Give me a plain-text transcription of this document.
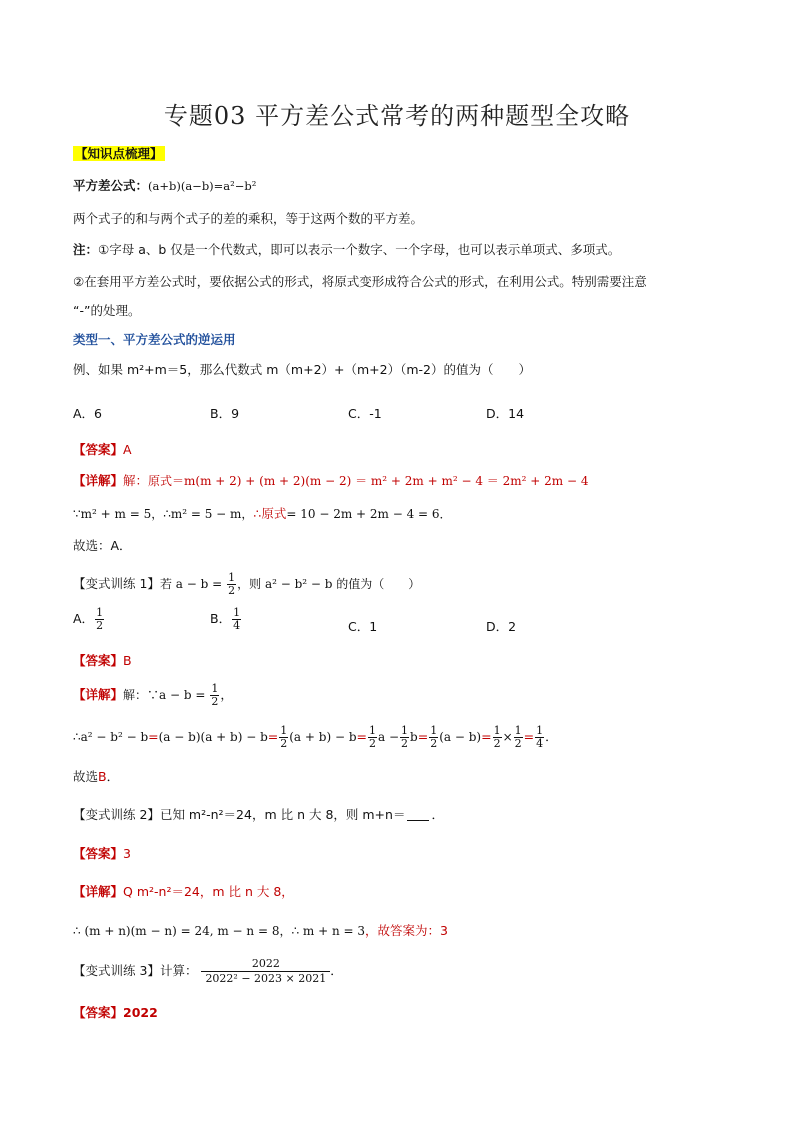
专题03 平方差公式常考的两种题型全攻略
【知识点梳理】
平方差公式：(a+b)(a−b)=a²−b²
两个式子的和与两个式子的差的乘积，等于这两个数的平方差。
注：①字母 a、b 仅是一个代数式，即可以表示一个数字、一个字母，也可以表示单项式、多项式。
②在套用平方差公式时，要依据公式的形式，将原式变形成符合公式的形式，在利用公式。特别需要注意
“-”的处理。
类型一、平方差公式的逆运用
例、如果 m²+m＝5，那么代数式 m（m+2）+（m+2）（m-2）的值为（　　）
A．6	B．9	C．-1	D．14
【答案】A
【详解】解：原式＝m(m + 2) + (m + 2)(m − 2) ＝ m² + 2m + m² − 4 ＝ 2m² + 2m − 4
∵m² + m = 5，∴m² = 5 − m，∴原式= 10 − 2m + 2m − 4 = 6．
故选：A．
【变式训练 1】若 $a - b = \frac{1}{2}$ ，则 a² − b² − b 的值为（　　）
A． $\frac{1}{2}$	B． $\frac{1}{4}$	C．1	D．2
【答案】B
【详解】解：∵a − $b = \frac{1}{2}$ ，
∴a² − $b^2 - b=(a - b)(a + b) - b= \frac{1}{2} (a + b) - b= \frac{1}{2}$ $a - \frac{1}{2} b= \frac{1}{2} (a - b)= \frac{1}{2} \times \frac{1}{2} = \frac{1}{4}$ ．
故选B．
【变式训练 2】已知 m²-n²＝24，m 比 n 大 8，则 m+n＝ ．
【答案】3
【详解】Q m²-n²＝24，m 比 n 大 8，
∴ (m + n)(m − n) = 24, m − n = 8，∴ m + n = 3，故答案为：3
【变式训练 3】计算： $\frac{2022}{\text{2022² − 2023 × 2021}}$ ．
【答案】2022
